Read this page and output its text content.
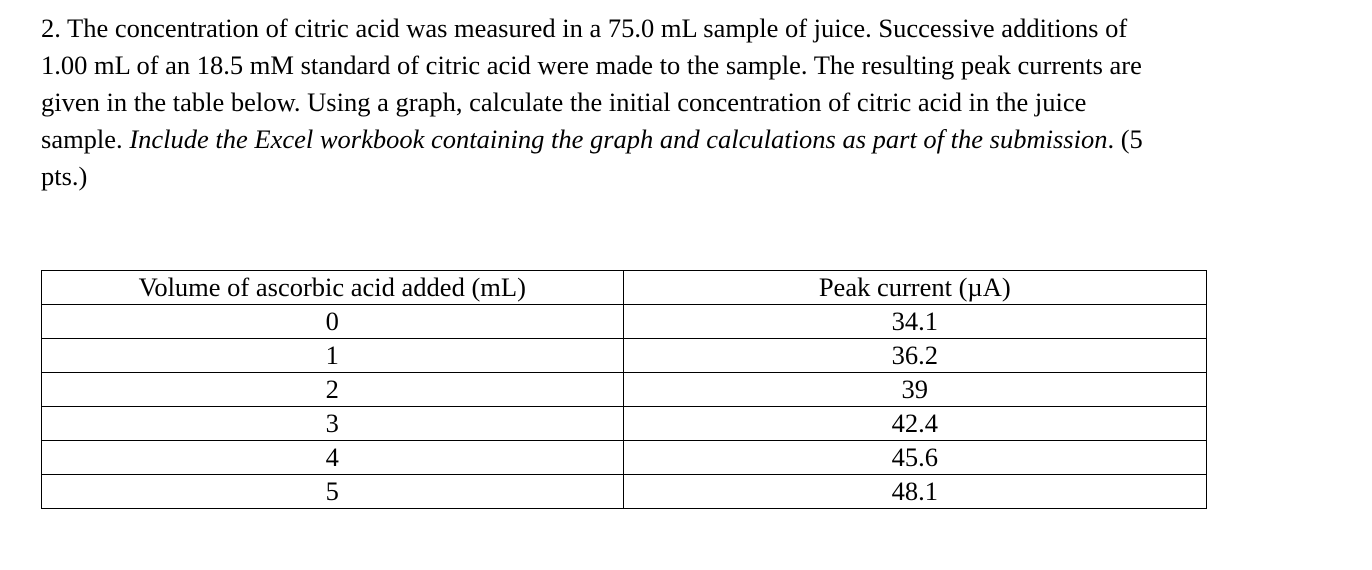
2. The concentration of citric acid was measured in a 75.0 mL sample of juice. Successive additions of 1.00 mL of an 18.5 mM standard of citric acid were made to the sample. The resulting peak currents are given in the table below. Using a graph, calculate the initial concentration of citric acid in the juice sample. Include the Excel workbook containing the graph and calculations as part of the submission. (5 pts.)

Volume of ascorbic acid added (mL)	Peak current (µA)
0	34.1
1	36.2
2	39
3	42.4
4	45.6
5	48.1
